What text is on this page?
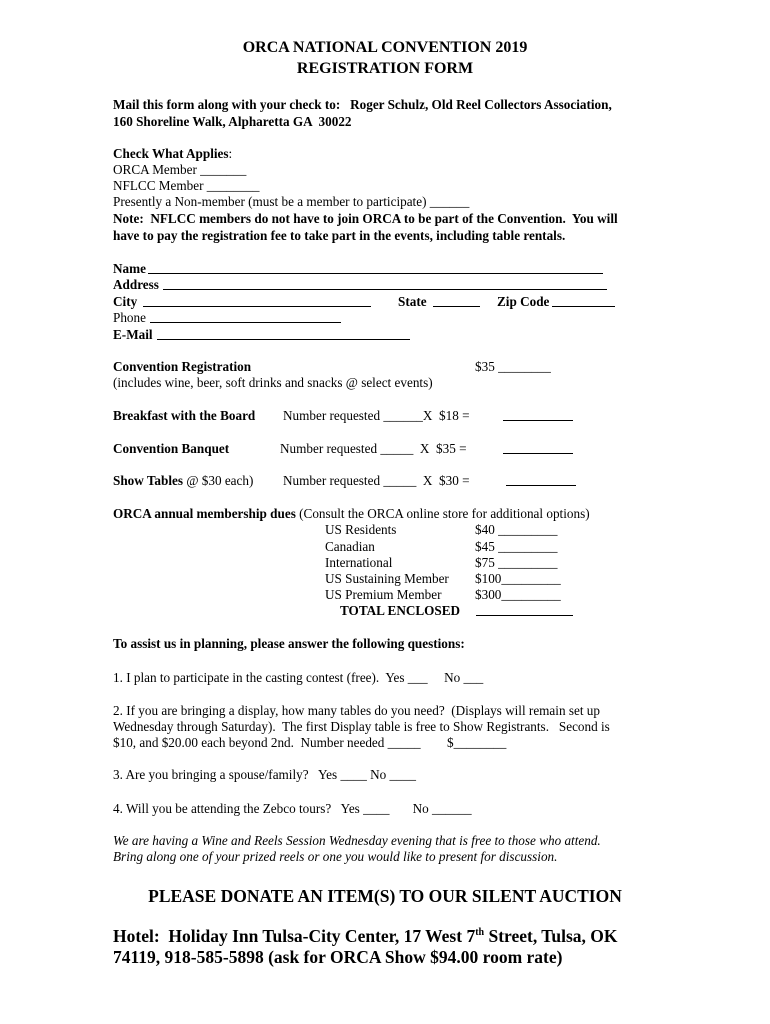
ORCA NATIONAL CONVENTION 2019
REGISTRATION FORM
Mail this form along with your check to:   Roger Schulz, Old Reel Collectors Association,
160 Shoreline Walk, Alpharetta GA  30022
Check What Applies:
ORCA Member _______
NFLCC Member ________
Presently a Non-member (must be a member to participate) ______
Note:  NFLCC members do not have to join ORCA to be part of the Convention.  You will
have to pay the registration fee to take part in the events, including table rentals.
Name
Address
City	State	Zip Code
Phone
E-Mail
Convention Registration	$35 ________
(includes wine, beer, soft drinks and snacks @ select events)
Breakfast with the Board Number requested ______X  $18 =
Convention Banquet	Number requested _____  X  $35 =
Show Tables @ $30 each) Number requested _____  X  $30 =
ORCA annual membership dues (Consult the ORCA online store for additional options)
US Residents	$40 _________
Canadian	$45 _________
International	$75 _________
US Sustaining Member $100_________
US Premium Member	$300_________
TOTAL ENCLOSED
To assist us in planning, please answer the following questions:
1. I plan to participate in the casting contest (free).  Yes ___     No ___
2. If you are bringing a display, how many tables do you need?  (Displays will remain set up
Wednesday through Saturday).  The first Display table is free to Show Registrants.   Second is
$10, and $20.00 each beyond 2nd.  Number needed _____        $________
3. Are you bringing a spouse/family?   Yes ____ No ____
4. Will you be attending the Zebco tours?   Yes ____       No ______
We are having a Wine and Reels Session Wednesday evening that is free to those who attend.
Bring along one of your prized reels or one you would like to present for discussion.
PLEASE DONATE AN ITEM(S) TO OUR SILENT AUCTION
Hotel:  Holiday Inn Tulsa-City Center, 17 West 7th Street, Tulsa, OK
74119, 918-585-5898 (ask for ORCA Show $94.00 room rate)
